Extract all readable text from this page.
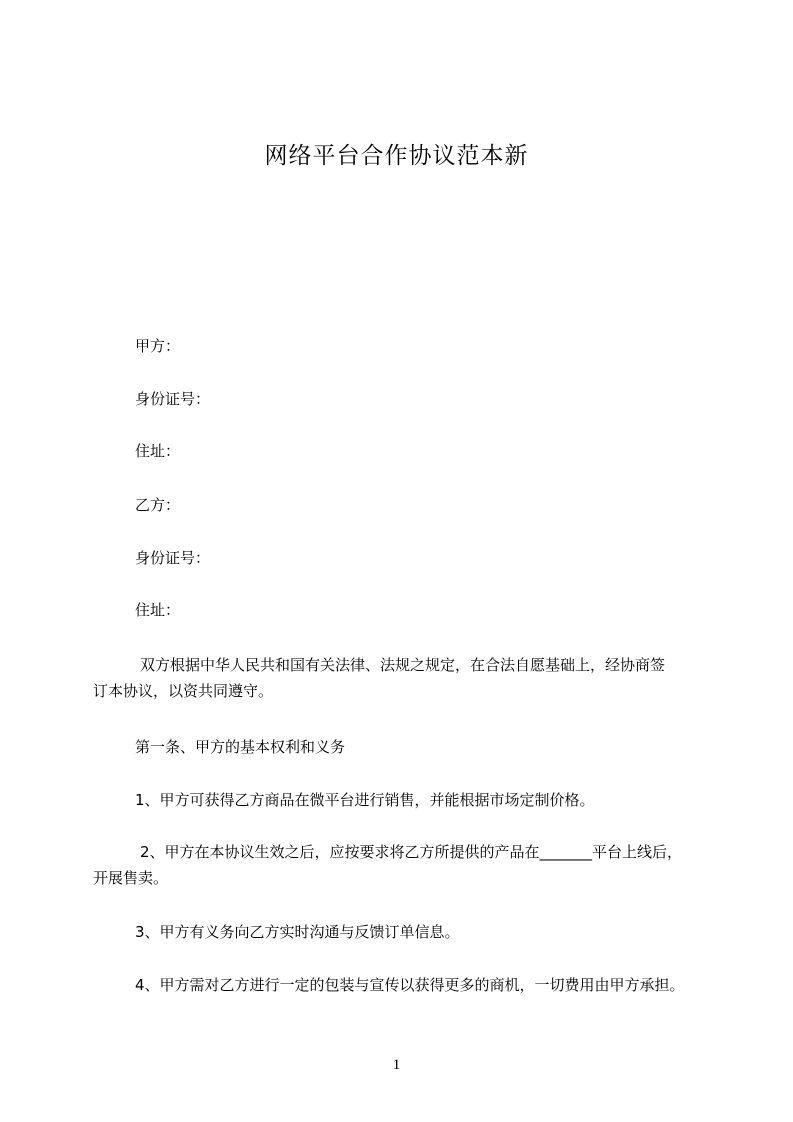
网络平台合作协议范本新
甲方：
身份证号：
住址：
乙方：
身份证号：
住址：
双方根据中华人民共和国有关法律、法规之规定，在合法自愿基础上，经协商签
订本协议，以资共同遵守。
第一条、甲方的基本权利和义务
1、甲方可获得乙方商品在微平台进行销售，并能根据市场定制价格。
2、甲方在本协议生效之后，应按要求将乙方所提供的产品在_______平台上线后，
开展售卖。
3、甲方有义务向乙方实时沟通与反馈订单信息。
4、甲方需对乙方进行一定的包装与宣传以获得更多的商机，一切费用由甲方承担。
1
